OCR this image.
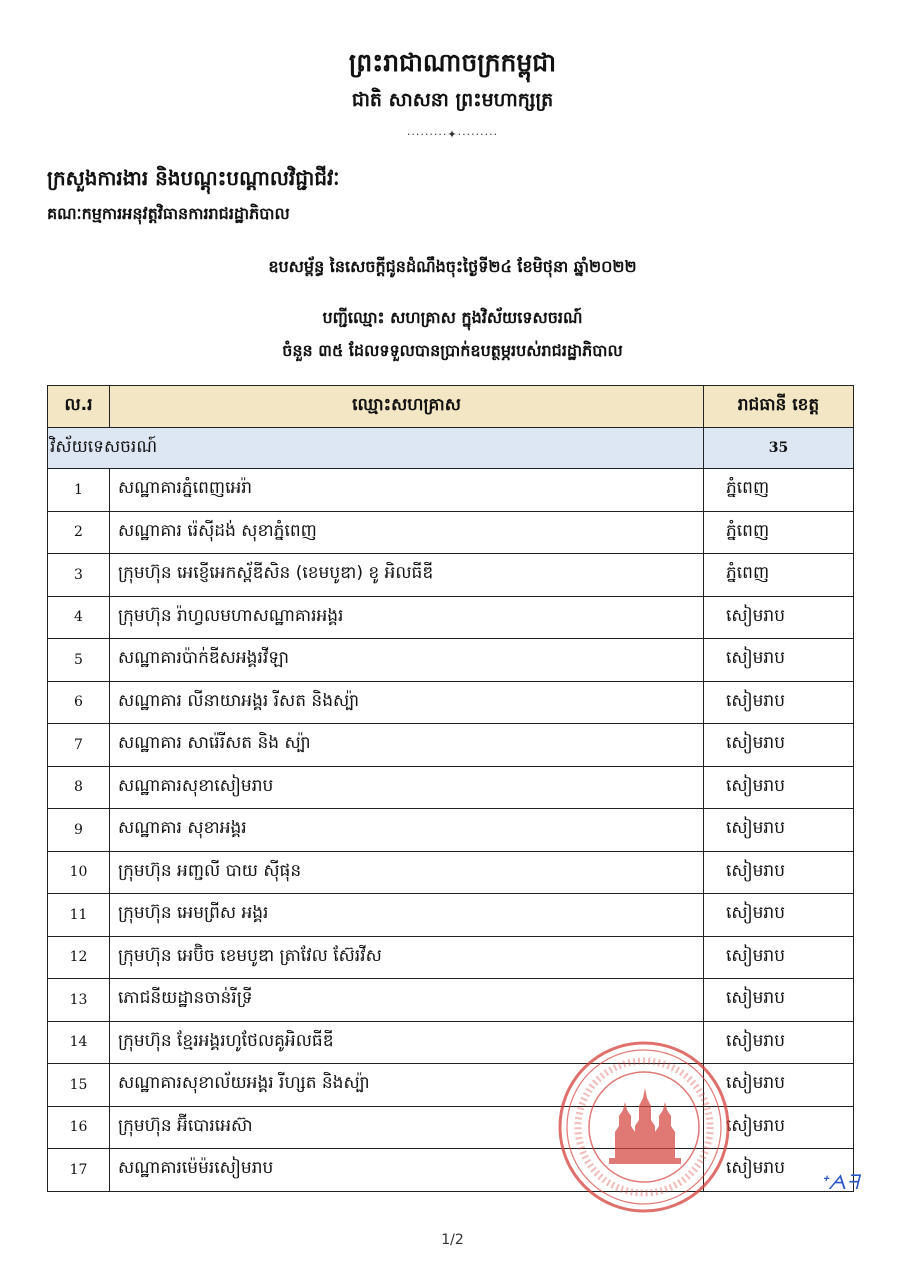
ព្រះរាជាណាចក្រកម្ពុជា
ជាតិ សាសនា ព្រះមហាក្សត្រ
·········✦·········
ក្រសួងការងារ និងបណ្តុះបណ្តាលវិជ្ជាជីវៈ
គណៈកម្មការអនុវត្តវិធានការរាជរដ្ឋាភិបាល
ឧបសម្ព័ន្ធ នៃសេចក្តីជូនដំណឹងចុះថ្ងៃទី២៤ ខែមិថុនា ឆ្នាំ២០២២
បញ្ជីឈ្មោះ សហគ្រាស ក្នុងវិស័យទេសចរណ៍
ចំនួន ៣៥ ដែលទទួលបានប្រាក់ឧបត្ថម្ភរបស់រាជរដ្ឋាភិបាល
ល.រ	ឈ្មោះសហគ្រាស	រាជធានី ខេត្ត
វិស័យទេសចរណ៍		35
1	សណ្ឋាគារភ្នំពេញអេរ៉ា	ភ្នំពេញ
2	សណ្ឋាគារ រ៉េស៊ីដង់ សុខាភ្នំពេញ	ភ្នំពេញ
3	ក្រុមហ៊ុន អេខ្ញើអេកស្ព័ឌីសិន (ខេមបូឌា) ខូ អិលធីឌី	ភ្នំពេញ
4	ក្រុមហ៊ុន រ៉ាហ្វលមហាសណ្ឋាគារអង្គរ	សៀមរាប
5	សណ្ឋាគារប៉ាក់ឌីសអង្គរវីឡា	សៀមរាប
6	សណ្ឋាគារ លីនាយាអង្គរ រីសត និងស្ប៉ា	សៀមរាប
7	សណ្ឋាគារ សារ៉េរីសត និង ស្ប៉ា	សៀមរាប
8	សណ្ឋាគារសុខាសៀមរាប	សៀមរាប
9	សណ្ឋាគារ សុខាអង្គរ	សៀមរាប
10	ក្រុមហ៊ុន អញ្ជលី បាយ ស៊ីផុន	សៀមរាប
11	ក្រុមហ៊ុន អេមព្រីស អង្គរ	សៀមរាប
12	ក្រុមហ៊ុន អេប៊ិច ខេមបូឌា ត្រាវែល ស៊ែរវីស	សៀមរាប
13	ភោជនីយដ្ឋានចាន់រីទ្រី	សៀមរាប
14	ក្រុមហ៊ុន ខ្មែរអង្គរហូថែលគូអិលធីឌី	សៀមរាប
15	សណ្ឋាគារសុខាល័យអង្គរ រីហ្សត និងស្ប៉ា	សៀមរាប
16	ក្រុមហ៊ុន អ៊ីបោរអេស៊ា	សៀមរាប
17	សណ្ឋាគារម៉េម៉រសៀមរាប	សៀមរាប
ᐩᗅᖷ
1/2
